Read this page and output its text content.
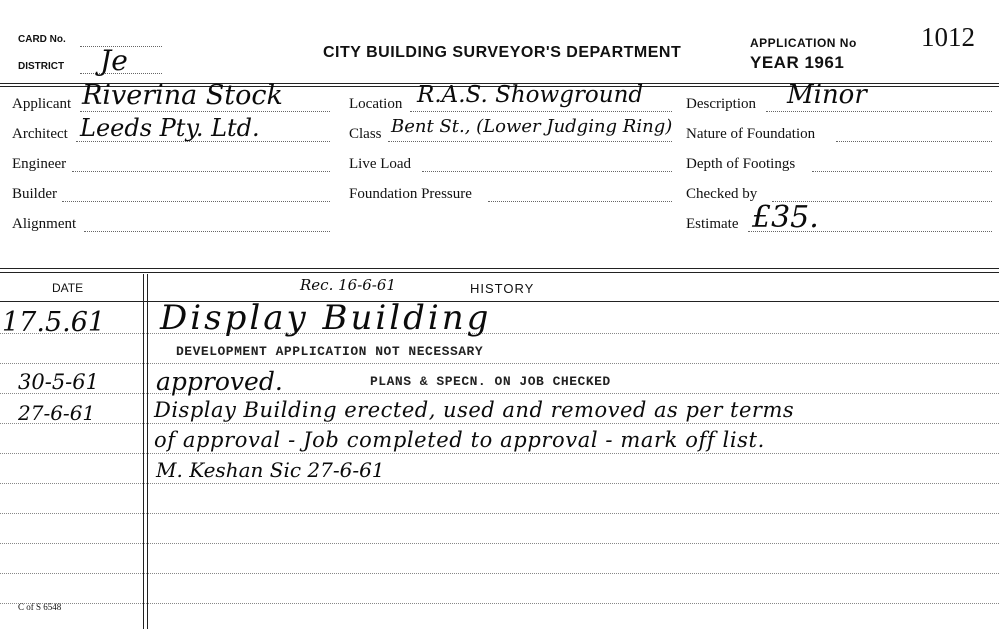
CARD No.
DISTRICT Je	CITY BUILDING SURVEYOR'S DEPARTMENT
APPLICATION No 1012
YEAR 1961
Applicant Riverina Stock
Architect Leeds Pty. Ltd.
Engineer
Builder
Alignment
Location R.A.S. Showground
Class Bent St., (Lower Judging Ring)
Live Load
Foundation Pressure
Description Minor
Nature of Foundation
Depth of Footings
Checked by
Estimate £35.
DATE	HISTORY
Rec. 16-6-61
17.5.61 Display Building
DEVELOPMENT APPLICATION NOT NECESSARY
30-5-61 approved.	PLANS & SPECN. ON JOB CHECKED
27-6-61	Display Building erected, used and removed as per terms
of approval - Job completed to approval - mark off list.
M. Keshan Sic 27-6-61
C of S 6548
